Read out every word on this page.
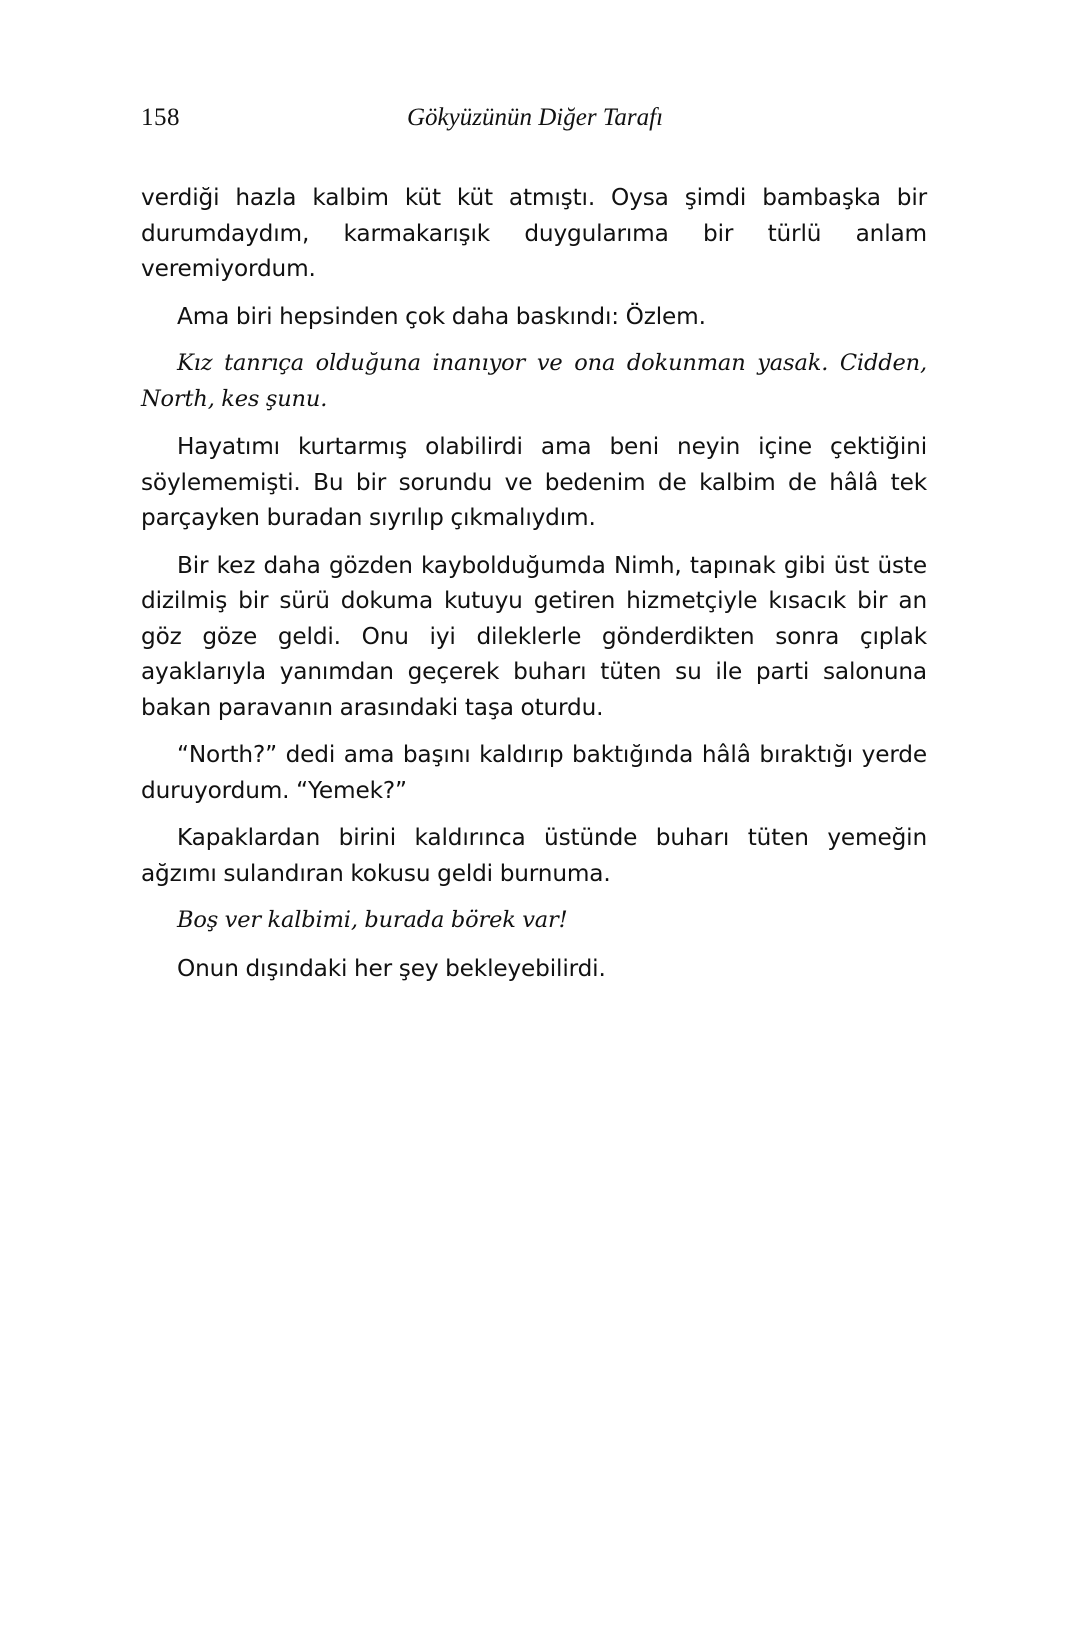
158	Gökyüzünün Diğer Tarafı

verdiği hazla kalbim küt küt atmıştı. Oysa şimdi bambaşka bir durumdaydım, karmakarışık duygularıma bir türlü anlam veremiyordum.

Ama biri hepsinden çok daha baskındı: Özlem.

Kız tanrıça olduğuna inanıyor ve ona dokunman yasak. Cidden, North, kes şunu.

Hayatımı kurtarmış olabilirdi ama beni neyin içine çektiğini söylememişti. Bu bir sorundu ve bedenim de kalbim de hâlâ tek parçayken buradan sıyrılıp çıkmalıydım.

Bir kez daha gözden kaybolduğumda Nimh, tapınak gibi üst üste dizilmiş bir sürü dokuma kutuyu getiren hizmetçiyle kısacık bir an göz göze geldi. Onu iyi dileklerle gönderdikten sonra çıplak ayaklarıyla yanımdan geçerek buharı tüten su ile parti salonuna bakan paravanın arasındaki taşa oturdu.

“North?” dedi ama başını kaldırıp baktığında hâlâ bıraktığı yerde duruyordum. “Yemek?”

Kapaklardan birini kaldırınca üstünde buharı tüten yemeğin ağzımı sulandıran kokusu geldi burnuma.

Boş ver kalbimi, burada börek var!

Onun dışındaki her şey bekleyebilirdi.
